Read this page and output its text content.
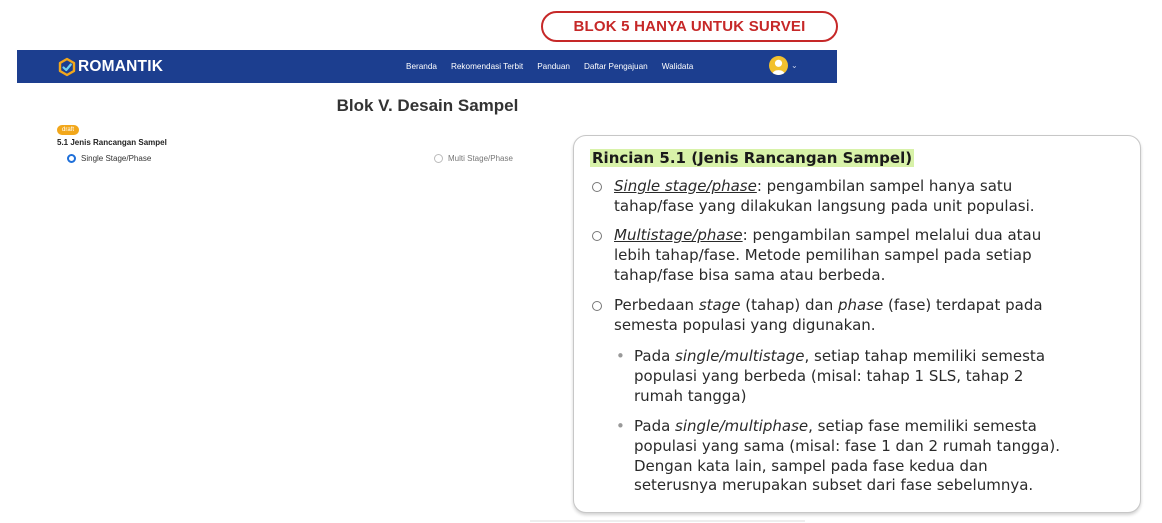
BLOK 5 HANYA UNTUK SURVEI
ROMANTIK	Beranda Rekomendasi Terbit Panduan Daftar Pengajuan Walidata	⌄
Blok V. Desain Sampel
draft
5.1 Jenis Rancangan Sampel
Single Stage/Phase	Multi Stage/Phase	Rincian 5.1 (Jenis Rancangan Sampel)
Single stage/phase: pengambilan sampel hanya satu
tahap/fase yang dilakukan langsung pada unit populasi.
Multistage/phase: pengambilan sampel melalui dua atau
lebih tahap/fase. Metode pemilihan sampel pada setiap
tahap/fase bisa sama atau berbeda.
Perbedaan stage (tahap) dan phase (fase) terdapat pada
semesta populasi yang digunakan.
• Pada single/multistage, setiap tahap memiliki semesta
populasi yang berbeda (misal: tahap 1 SLS, tahap 2
rumah tangga)
• Pada single/multiphase, setiap fase memiliki semesta
populasi yang sama (misal: fase 1 dan 2 rumah tangga).
Dengan kata lain, sampel pada fase kedua dan
seterusnya merupakan subset dari fase sebelumnya.
